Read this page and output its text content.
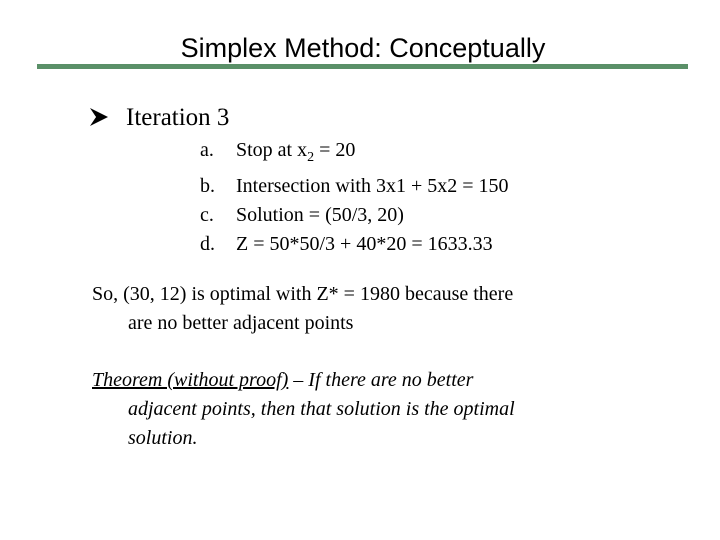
Simplex Method: Conceptually
Iteration 3
a. Stop at $x_2 = 20$
b. Intersection with 3x1 + 5x2 = 150
c. Solution = (50/3, 20)
d. Z = 50*50/3 + 40*20 = 1633.33
So, (30, 12) is optimal with Z* = 1980 because there
are no better adjacent points
Theorem (without proof) – If there are no better
adjacent points, then that solution is the optimal
solution.
